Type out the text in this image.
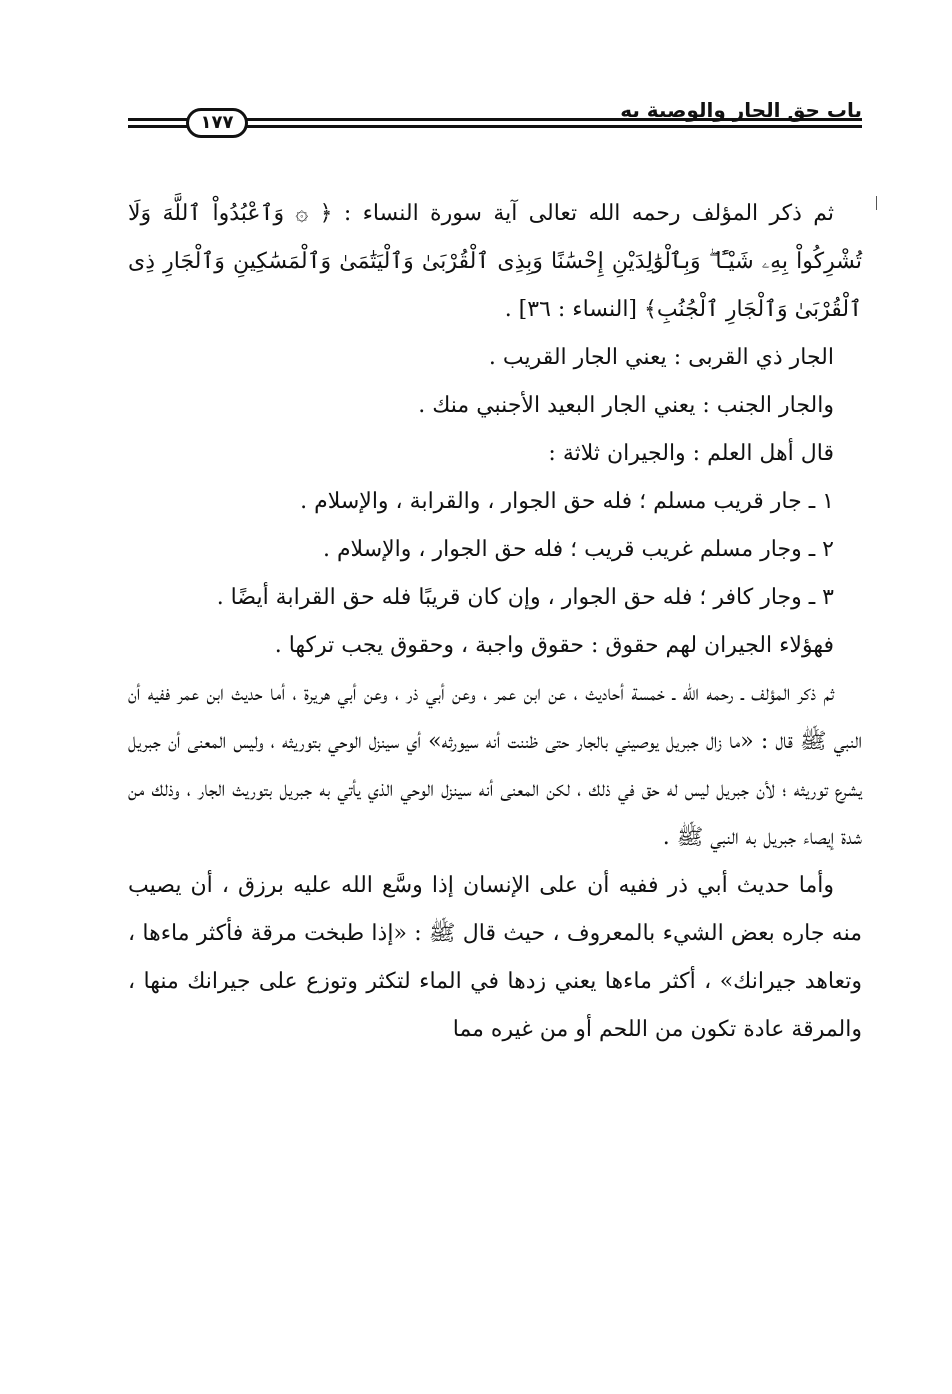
١٧٧
باب حق الجار والوصية به

ثم ذكر المؤلف رحمه الله تعالى آية سورة النساء : ﴿ ۞ وَٱعْبُدُواْ ٱللَّهَ وَلَا تُشْرِكُواْ بِهِۦ شَيْـًٔا ۖ وَبِٱلْوَٰلِدَيْنِ إِحْسَٰنًا وَبِذِى ٱلْقُرْبَىٰ وَٱلْيَتَٰمَىٰ وَٱلْمَسَٰكِينِ وَٱلْجَارِ ذِى ٱلْقُرْبَىٰ وَٱلْجَارِ ٱلْجُنُبِ﴾ [النساء : ٣٦] .

الجار ذي القربى : يعني الجار القريب .

والجار الجنب : يعني الجار البعيد الأجنبي منك .

قال أهل العلم : والجيران ثلاثة :

١ ـ جار قريب مسلم ؛ فله حق الجوار ، والقرابة ، والإسلام .

٢ ـ وجار مسلم غريب قريب ؛ فله حق الجوار ، والإسلام .

٣ ـ وجار كافر ؛ فله حق الجوار ، وإن كان قريبًا فله حق القرابة أيضًا .

فهؤلاء الجيران لهم حقوق : حقوق واجبة ، وحقوق يجب تركها .

ثم ذكر المؤلف ـ رحمه الله ـ خمسة أحاديث ، عن ابن عمر ، وعن أبي ذر ، وعن أبي هريرة ، أما حديث ابن عمر ففيه أن النبي ﷺ قال : «ما زال جبريل يوصيني بالجار حتى ظننت أنه سيورثه» أي سينزل الوحي بتوريثه ، وليس المعنى أن جبريل يشرع توريثه ؛ لأن جبريل ليس له حق في ذلك ، لكن المعنى أنه سينزل الوحي الذي يأتي به جبريل بتوريث الجار ، وذلك من شدة إيصاء جبريل به النبي ﷺ .

وأما حديث أبي ذر ففيه أن على الإنسان إذا وسَّع الله عليه برزق ، أن يصيب منه جاره بعض الشيء بالمعروف ، حيث قال ﷺ : «إذا طبخت مرقة فأكثر ماءها ، وتعاهد جيرانك» ، أكثر ماءها يعني زدها في الماء لتكثر وتوزع على جيرانك منها ، والمرقة عادة تكون من اللحم أو من غيره مما
